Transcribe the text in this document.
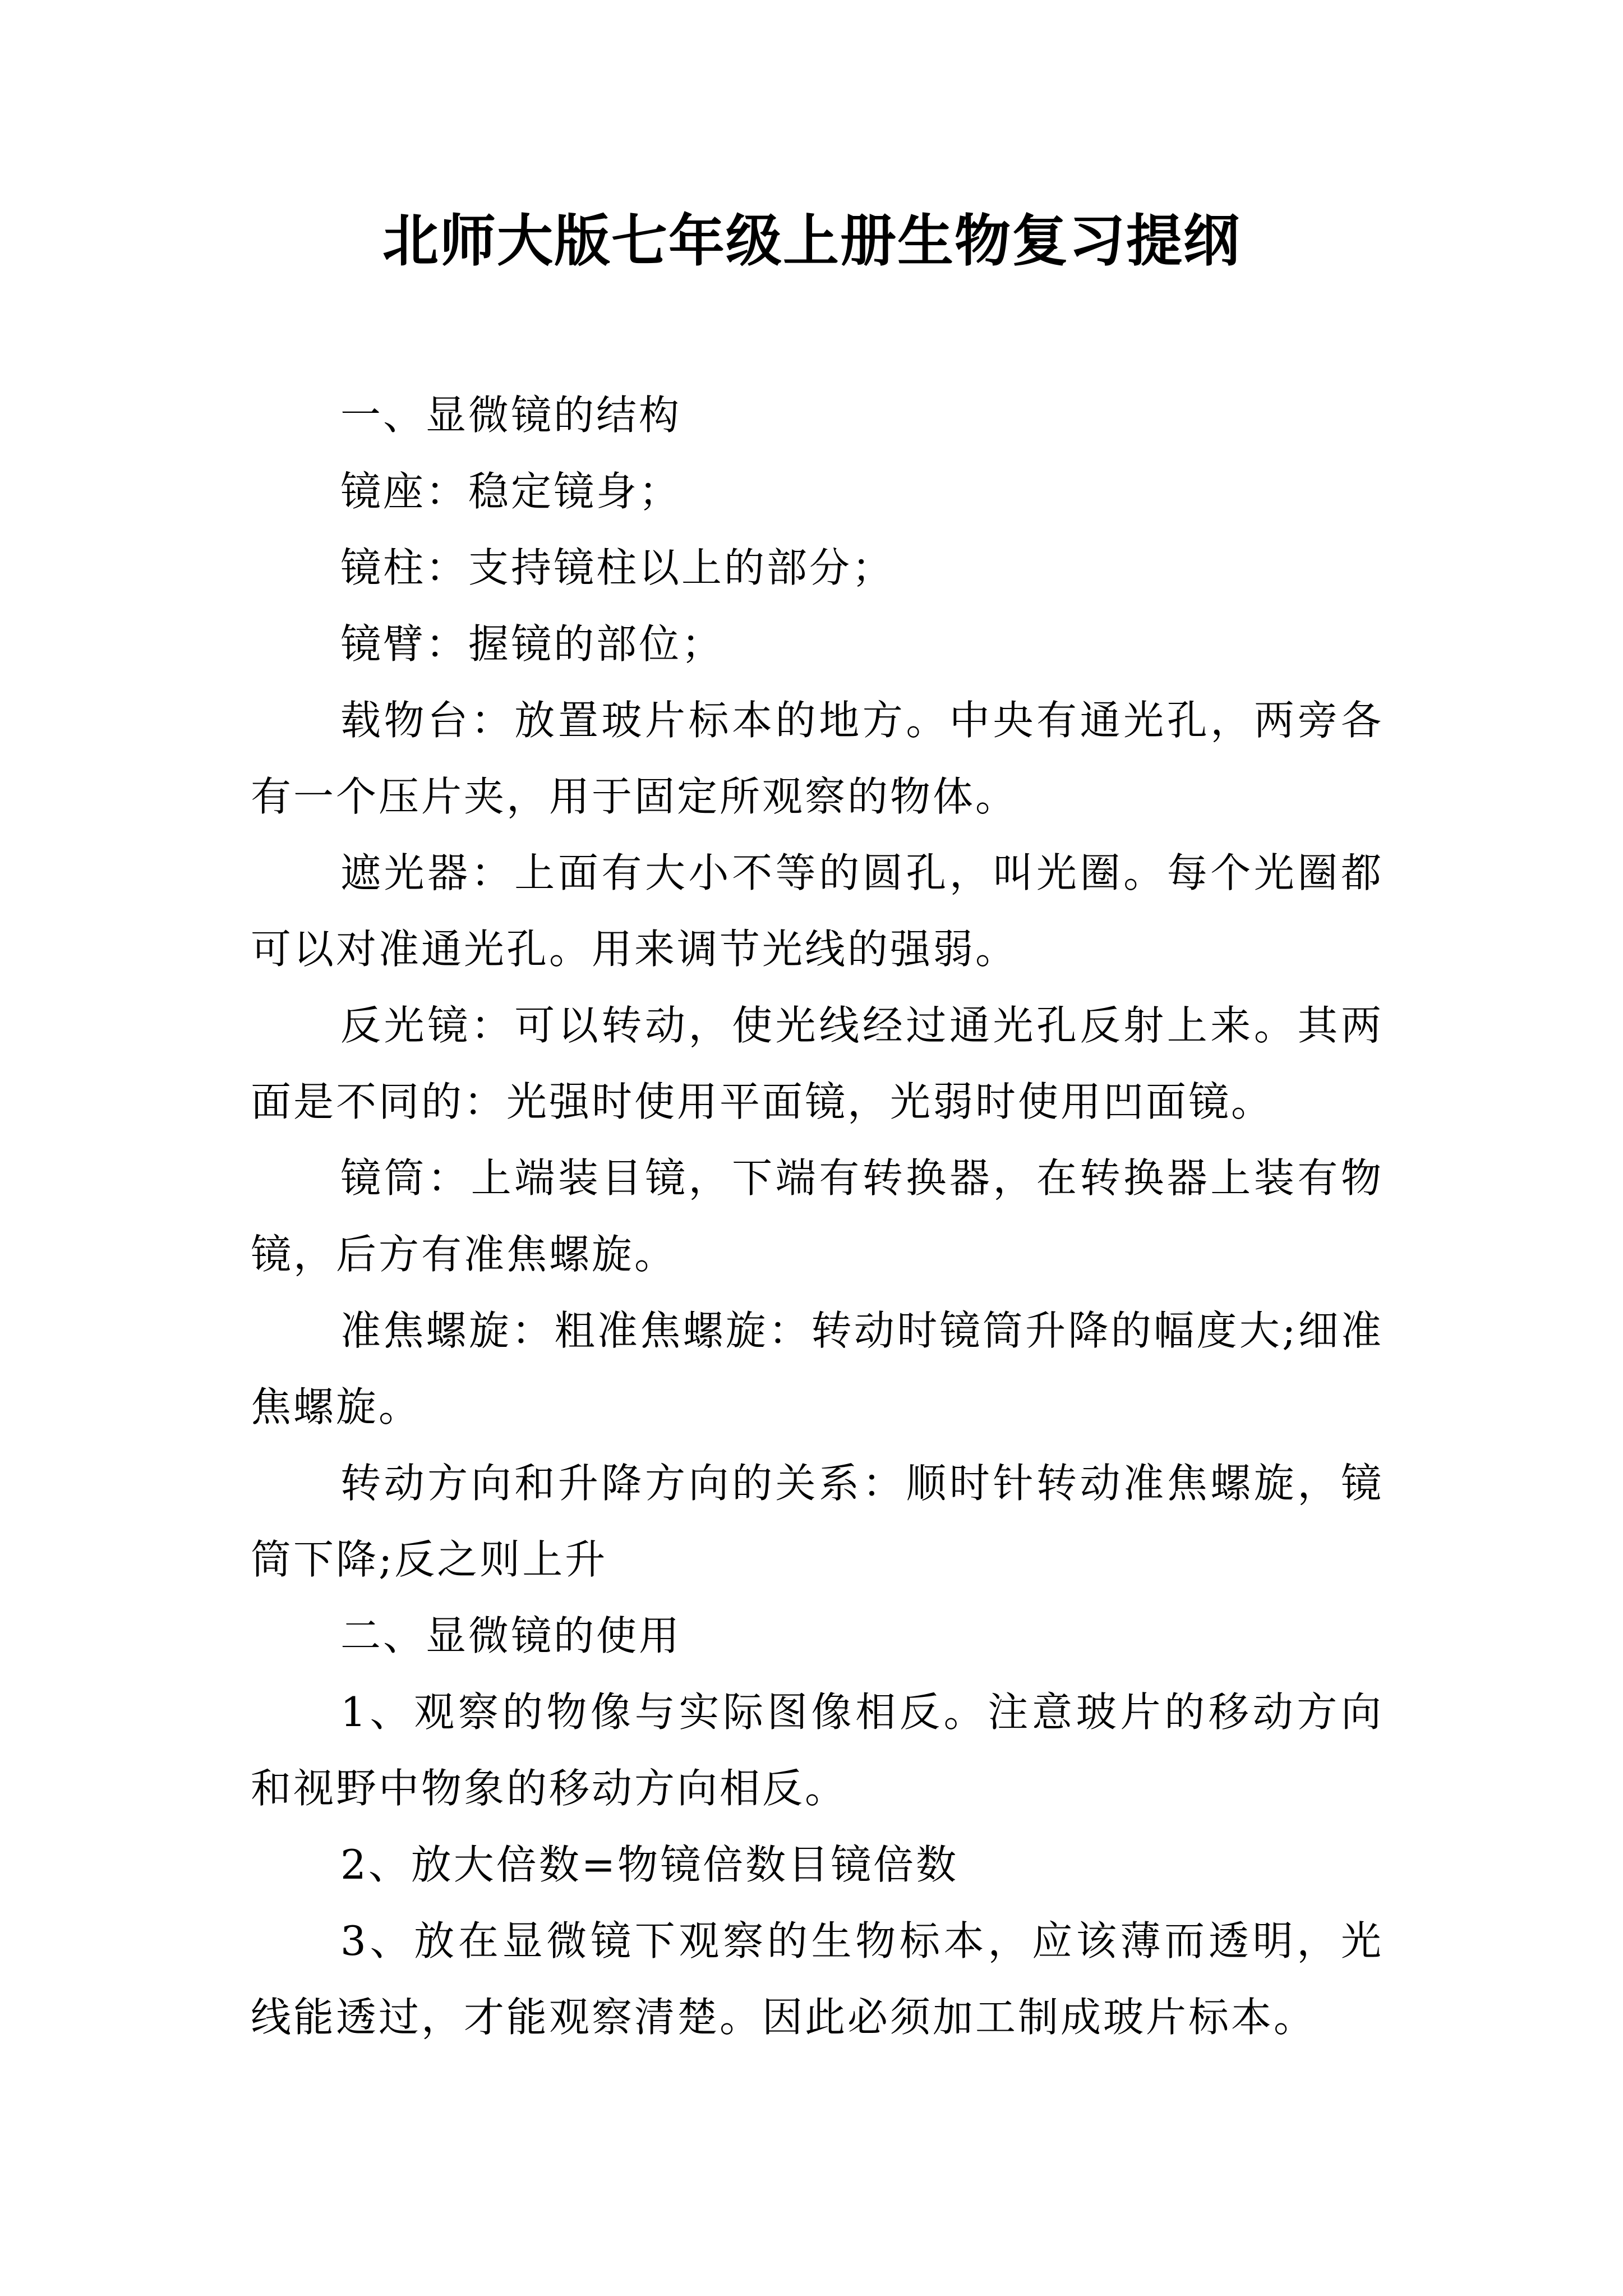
北师大版七年级上册生物复习提纲

一、显微镜的结构

镜座：稳定镜身；

镜柱：支持镜柱以上的部分；

镜臂：握镜的部位；

载物台：放置玻片标本的地方。中央有通光孔，两旁各有一个压片夹，用于固定所观察的物体。

遮光器：上面有大小不等的圆孔，叫光圈。每个光圈都可以对准通光孔。用来调节光线的强弱。

反光镜：可以转动，使光线经过通光孔反射上来。其两面是不同的：光强时使用平面镜，光弱时使用凹面镜。

镜筒：上端装目镜，下端有转换器，在转换器上装有物镜，后方有准焦螺旋。

准焦螺旋：粗准焦螺旋：转动时镜筒升降的幅度大;细准焦螺旋。

转动方向和升降方向的关系：顺时针转动准焦螺旋，镜筒下降;反之则上升

二、显微镜的使用

1、观察的物像与实际图像相反。注意玻片的移动方向和视野中物象的移动方向相反。

2、放大倍数=物镜倍数目镜倍数

3、放在显微镜下观察的生物标本，应该薄而透明，光线能透过，才能观察清楚。因此必须加工制成玻片标本。
